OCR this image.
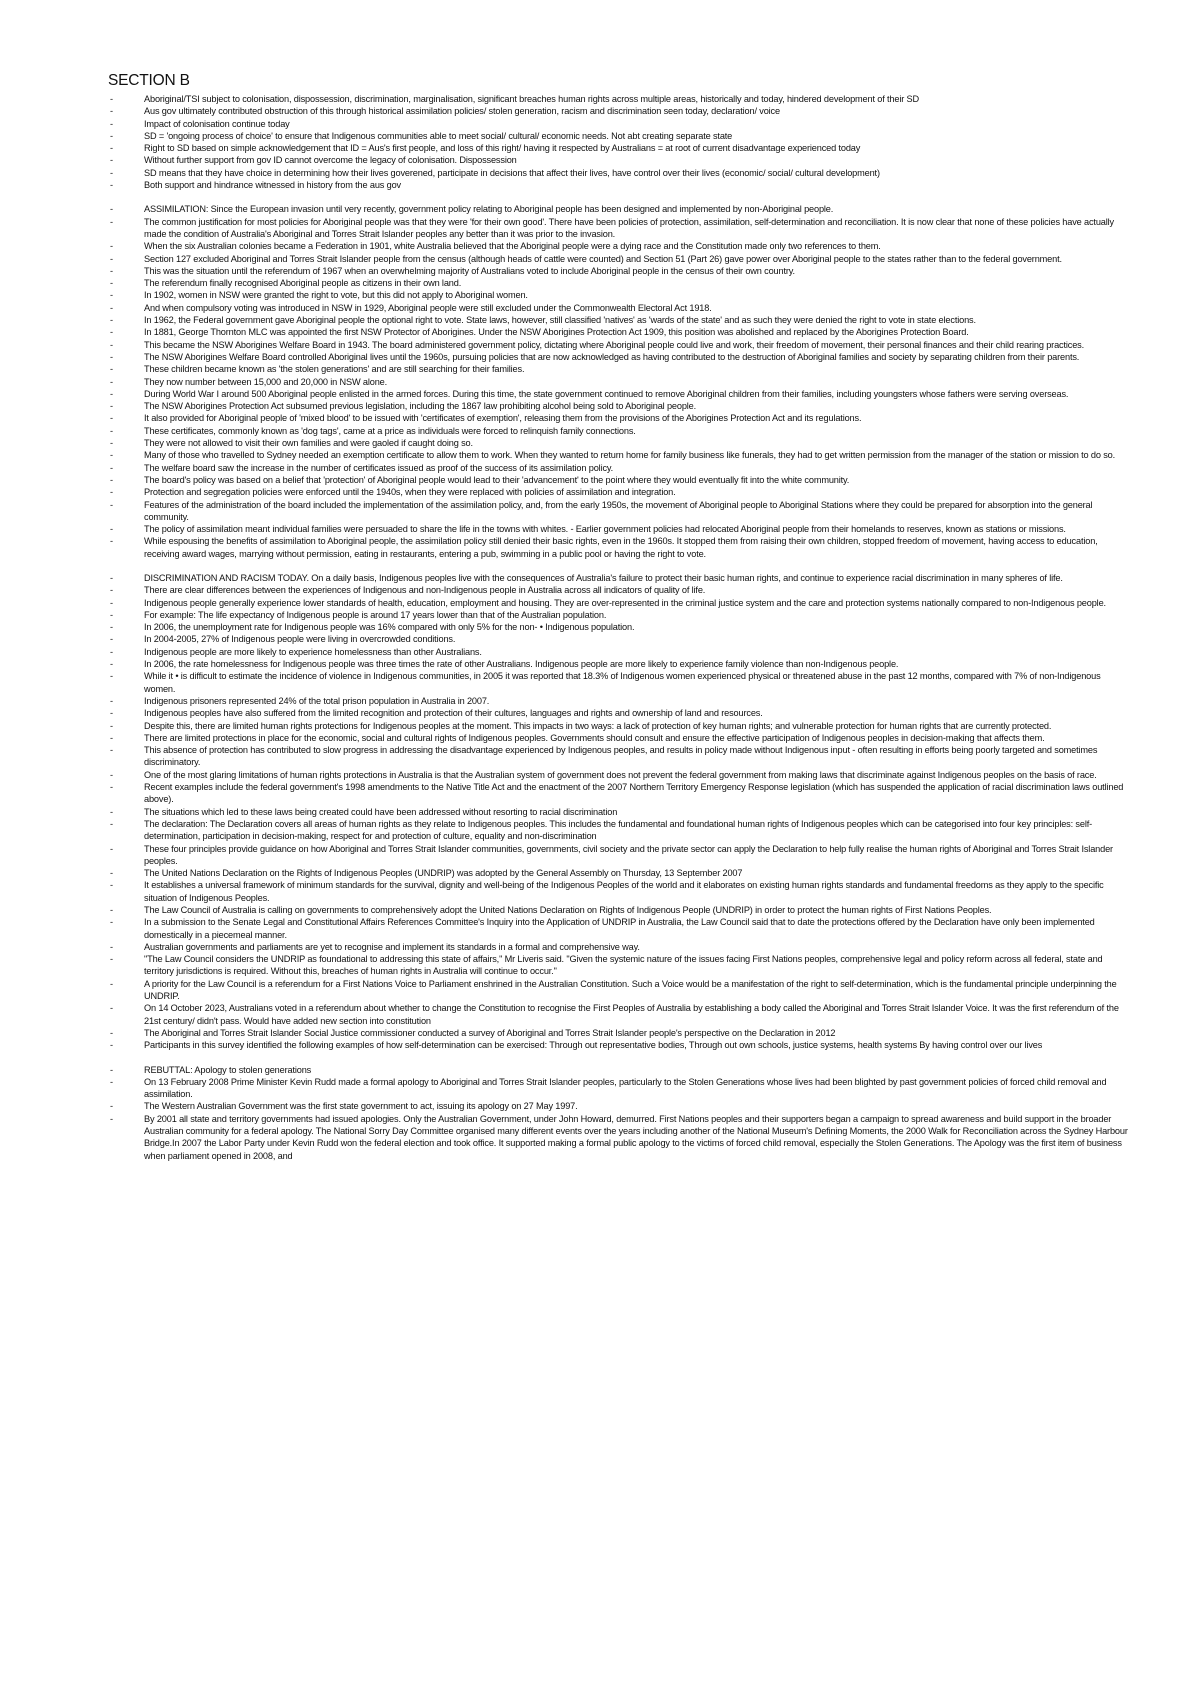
SECTION B
- Aboriginal/TSI subject to colonisation, dispossession, discrimination, marginalisation, significant breaches human rights across multiple areas, historically and today, hindered development of their SD
- Aus gov ultimately contributed obstruction of this through historical assimilation policies/ stolen generation, racism and discrimination seen today, declaration/ voice
- Impact of colonisation continue today
- SD = 'ongoing process of choice' to ensure that Indigenous communities able to meet social/ cultural/ economic needs. Not abt creating separate state
- Right to SD based on simple acknowledgement that ID = Aus's first people, and loss of this right/ having it respected by Australians = at root of current disadvantage experienced today
- Without further support from gov ID cannot overcome the legacy of colonisation. Dispossession
- SD means that they have choice in determining how their lives goverened, participate in decisions that affect their lives, have control over their lives (economic/ social/ cultural development)
- Both support and hindrance witnessed in history from the aus gov
- ASSIMILATION: Since the European invasion until very recently, government policy relating to Aboriginal people has been designed and implemented by non-Aboriginal people.
- The common justification for most policies for Aboriginal people was that they were 'for their own good'. There have been policies of protection, assimilation, self-determination and reconciliation. It is now clear that none of these policies have actually made the condition of Australia's Aboriginal and Torres Strait Islander peoples any better than it was prior to the invasion.
- When the six Australian colonies became a Federation in 1901, white Australia believed that the Aboriginal people were a dying race and the Constitution made only two references to them.
- Section 127 excluded Aboriginal and Torres Strait Islander people from the census (although heads of cattle were counted) and Section 51 (Part 26) gave power over Aboriginal people to the states rather than to the federal government.
- This was the situation until the referendum of 1967 when an overwhelming majority of Australians voted to include Aboriginal people in the census of their own country.
- The referendum finally recognised Aboriginal people as citizens in their own land.
- In 1902, women in NSW were granted the right to vote, but this did not apply to Aboriginal women.
- And when compulsory voting was introduced in NSW in 1929, Aboriginal people were still excluded under the Commonwealth Electoral Act 1918.
- In 1962, the Federal government gave Aboriginal people the optional right to vote. State laws, however, still classified 'natives' as 'wards of the state' and as such they were denied the right to vote in state elections.
- In 1881, George Thornton MLC was appointed the first NSW Protector of Aborigines. Under the NSW Aborigines Protection Act 1909, this position was abolished and replaced by the Aborigines Protection Board.
- This became the NSW Aborigines Welfare Board in 1943. The board administered government policy, dictating where Aboriginal people could live and work, their freedom of movement, their personal finances and their child rearing practices.
- The NSW Aborigines Welfare Board controlled Aboriginal lives until the 1960s, pursuing policies that are now acknowledged as having contributed to the destruction of Aboriginal families and society by separating children from their parents.
- These children became known as 'the stolen generations' and are still searching for their families.
- They now number between 15,000 and 20,000 in NSW alone.
- During World War I around 500 Aboriginal people enlisted in the armed forces. During this time, the state government continued to remove Aboriginal children from their families, including youngsters whose fathers were serving overseas.
- The NSW Aborigines Protection Act subsumed previous legislation, including the 1867 law prohibiting alcohol being sold to Aboriginal people.
- It also provided for Aboriginal people of 'mixed blood' to be issued with 'certificates of exemption', releasing them from the provisions of the Aborigines Protection Act and its regulations.
- These certificates, commonly known as 'dog tags', came at a price as individuals were forced to relinquish family connections.
- They were not allowed to visit their own families and were gaoled if caught doing so.
- Many of those who travelled to Sydney needed an exemption certificate to allow them to work. When they wanted to return home for family business like funerals, they had to get written permission from the manager of the station or mission to do so.
- The welfare board saw the increase in the number of certificates issued as proof of the success of its assimilation policy.
- The board's policy was based on a belief that 'protection' of Aboriginal people would lead to their 'advancement' to the point where they would eventually fit into the white community.
- Protection and segregation policies were enforced until the 1940s, when they were replaced with policies of assimilation and integration.
- Features of the administration of the board included the implementation of the assimilation policy, and, from the early 1950s, the movement of Aboriginal people to Aboriginal Stations where they could be prepared for absorption into the general community.
- The policy of assimilation meant individual families were persuaded to share the life in the towns with whites. - Earlier government policies had relocated Aboriginal people from their homelands to reserves, known as stations or missions.
- While espousing the benefits of assimilation to Aboriginal people, the assimilation policy still denied their basic rights, even in the 1960s. It stopped them from raising their own children, stopped freedom of movement, having access to education, receiving award wages, marrying without permission, eating in restaurants, entering a pub, swimming in a public pool or having the right to vote.
- DISCRIMINATION AND RACISM TODAY. On a daily basis, Indigenous peoples live with the consequences of Australia's failure to protect their basic human rights, and continue to experience racial discrimination in many spheres of life.
- There are clear differences between the experiences of Indigenous and non-Indigenous people in Australia across all indicators of quality of life.
- Indigenous people generally experience lower standards of health, education, employment and housing. They are over-represented in the criminal justice system and the care and protection systems nationally compared to non-Indigenous people.
- For example: The life expectancy of Indigenous people is around 17 years lower than that of the Australian population.
- In 2006, the unemployment rate for Indigenous people was 16% compared with only 5% for the non- • Indigenous population.
- In 2004-2005, 27% of Indigenous people were living in overcrowded conditions.
- Indigenous people are more likely to experience homelessness than other Australians.
- In 2006, the rate homelessness for Indigenous people was three times the rate of other Australians. Indigenous people are more likely to experience family violence than non-Indigenous people.
- While it • is difficult to estimate the incidence of violence in Indigenous communities, in 2005 it was reported that 18.3% of Indigenous women experienced physical or threatened abuse in the past 12 months, compared with 7% of non-Indigenous women.
- Indigenous prisoners represented 24% of the total prison population in Australia in 2007.
- Indigenous peoples have also suffered from the limited recognition and protection of their cultures, languages and rights and ownership of land and resources.
- Despite this, there are limited human rights protections for Indigenous peoples at the moment. This impacts in two ways: a lack of protection of key human rights; and vulnerable protection for human rights that are currently protected.
- There are limited protections in place for the economic, social and cultural rights of Indigenous peoples. Governments should consult and ensure the effective participation of Indigenous peoples in decision-making that affects them.
- This absence of protection has contributed to slow progress in addressing the disadvantage experienced by Indigenous peoples, and results in policy made without Indigenous input - often resulting in efforts being poorly targeted and sometimes discriminatory.
- One of the most glaring limitations of human rights protections in Australia is that the Australian system of government does not prevent the federal government from making laws that discriminate against Indigenous peoples on the basis of race.
- Recent examples include the federal government's 1998 amendments to the Native Title Act and the enactment of the 2007 Northern Territory Emergency Response legislation (which has suspended the application of racial discrimination laws outlined above).
- The situations which led to these laws being created could have been addressed without resorting to racial discrimination
- The declaration: The Declaration covers all areas of human rights as they relate to Indigenous peoples. This includes the fundamental and foundational human rights of Indigenous peoples which can be categorised into four key principles: self-determination, participation in decision-making, respect for and protection of culture, equality and non-discrimination
- These four principles provide guidance on how Aboriginal and Torres Strait Islander communities, governments, civil society and the private sector can apply the Declaration to help fully realise the human rights of Aboriginal and Torres Strait Islander peoples.
- The United Nations Declaration on the Rights of Indigenous Peoples (UNDRIP) was adopted by the General Assembly on Thursday, 13 September 2007
- It establishes a universal framework of minimum standards for the survival, dignity and well-being of the Indigenous Peoples of the world and it elaborates on existing human rights standards and fundamental freedoms as they apply to the specific situation of Indigenous Peoples.
- The Law Council of Australia is calling on governments to comprehensively adopt the United Nations Declaration on Rights of Indigenous People (UNDRIP) in order to protect the human rights of First Nations Peoples.
- In a submission to the Senate Legal and Constitutional Affairs References Committee's Inquiry into the Application of UNDRIP in Australia, the Law Council said that to date the protections offered by the Declaration have only been implemented domestically in a piecemeal manner.
- Australian governments and parliaments are yet to recognise and implement its standards in a formal and comprehensive way.
- "The Law Council considers the UNDRIP as foundational to addressing this state of affairs," Mr Liveris said. "Given the systemic nature of the issues facing First Nations peoples, comprehensive legal and policy reform across all federal, state and territory jurisdictions is required. Without this, breaches of human rights in Australia will continue to occur."
- A priority for the Law Council is a referendum for a First Nations Voice to Parliament enshrined in the Australian Constitution. Such a Voice would be a manifestation of the right to self-determination, which is the fundamental principle underpinning the UNDRIP.
- On 14 October 2023, Australians voted in a referendum about whether to change the Constitution to recognise the First Peoples of Australia by establishing a body called the Aboriginal and Torres Strait Islander Voice. It was the first referendum of the 21st century/ didn't pass. Would have added new section into constitution
- The Aboriginal and Torres Strait Islander Social Justice commissioner conducted a survey of Aboriginal and Torres Strait Islander people's perspective on the Declaration in 2012
- Participants in this survey identified the following examples of how self-determination can be exercised: Through out representative bodies, Through out own schools, justice systems, health systems By having control over our lives
- REBUTTAL: Apology to stolen generations
- On 13 February 2008 Prime Minister Kevin Rudd made a formal apology to Aboriginal and Torres Strait Islander peoples, particularly to the Stolen Generations whose lives had been blighted by past government policies of forced child removal and assimilation.
- The Western Australian Government was the first state government to act, issuing its apology on 27 May 1997.
- By 2001 all state and territory governments had issued apologies. Only the Australian Government, under John Howard, demurred. First Nations peoples and their supporters began a campaign to spread awareness and build support in the broader Australian community for a federal apology. The National Sorry Day Committee organised many different events over the years including another of the National Museum's Defining Moments, the 2000 Walk for Reconciliation across the Sydney Harbour Bridge.In 2007 the Labor Party under Kevin Rudd won the federal election and took office. It supported making a formal public apology to the victims of forced child removal, especially the Stolen Generations. The Apology was the first item of business when parliament opened in 2008, and
